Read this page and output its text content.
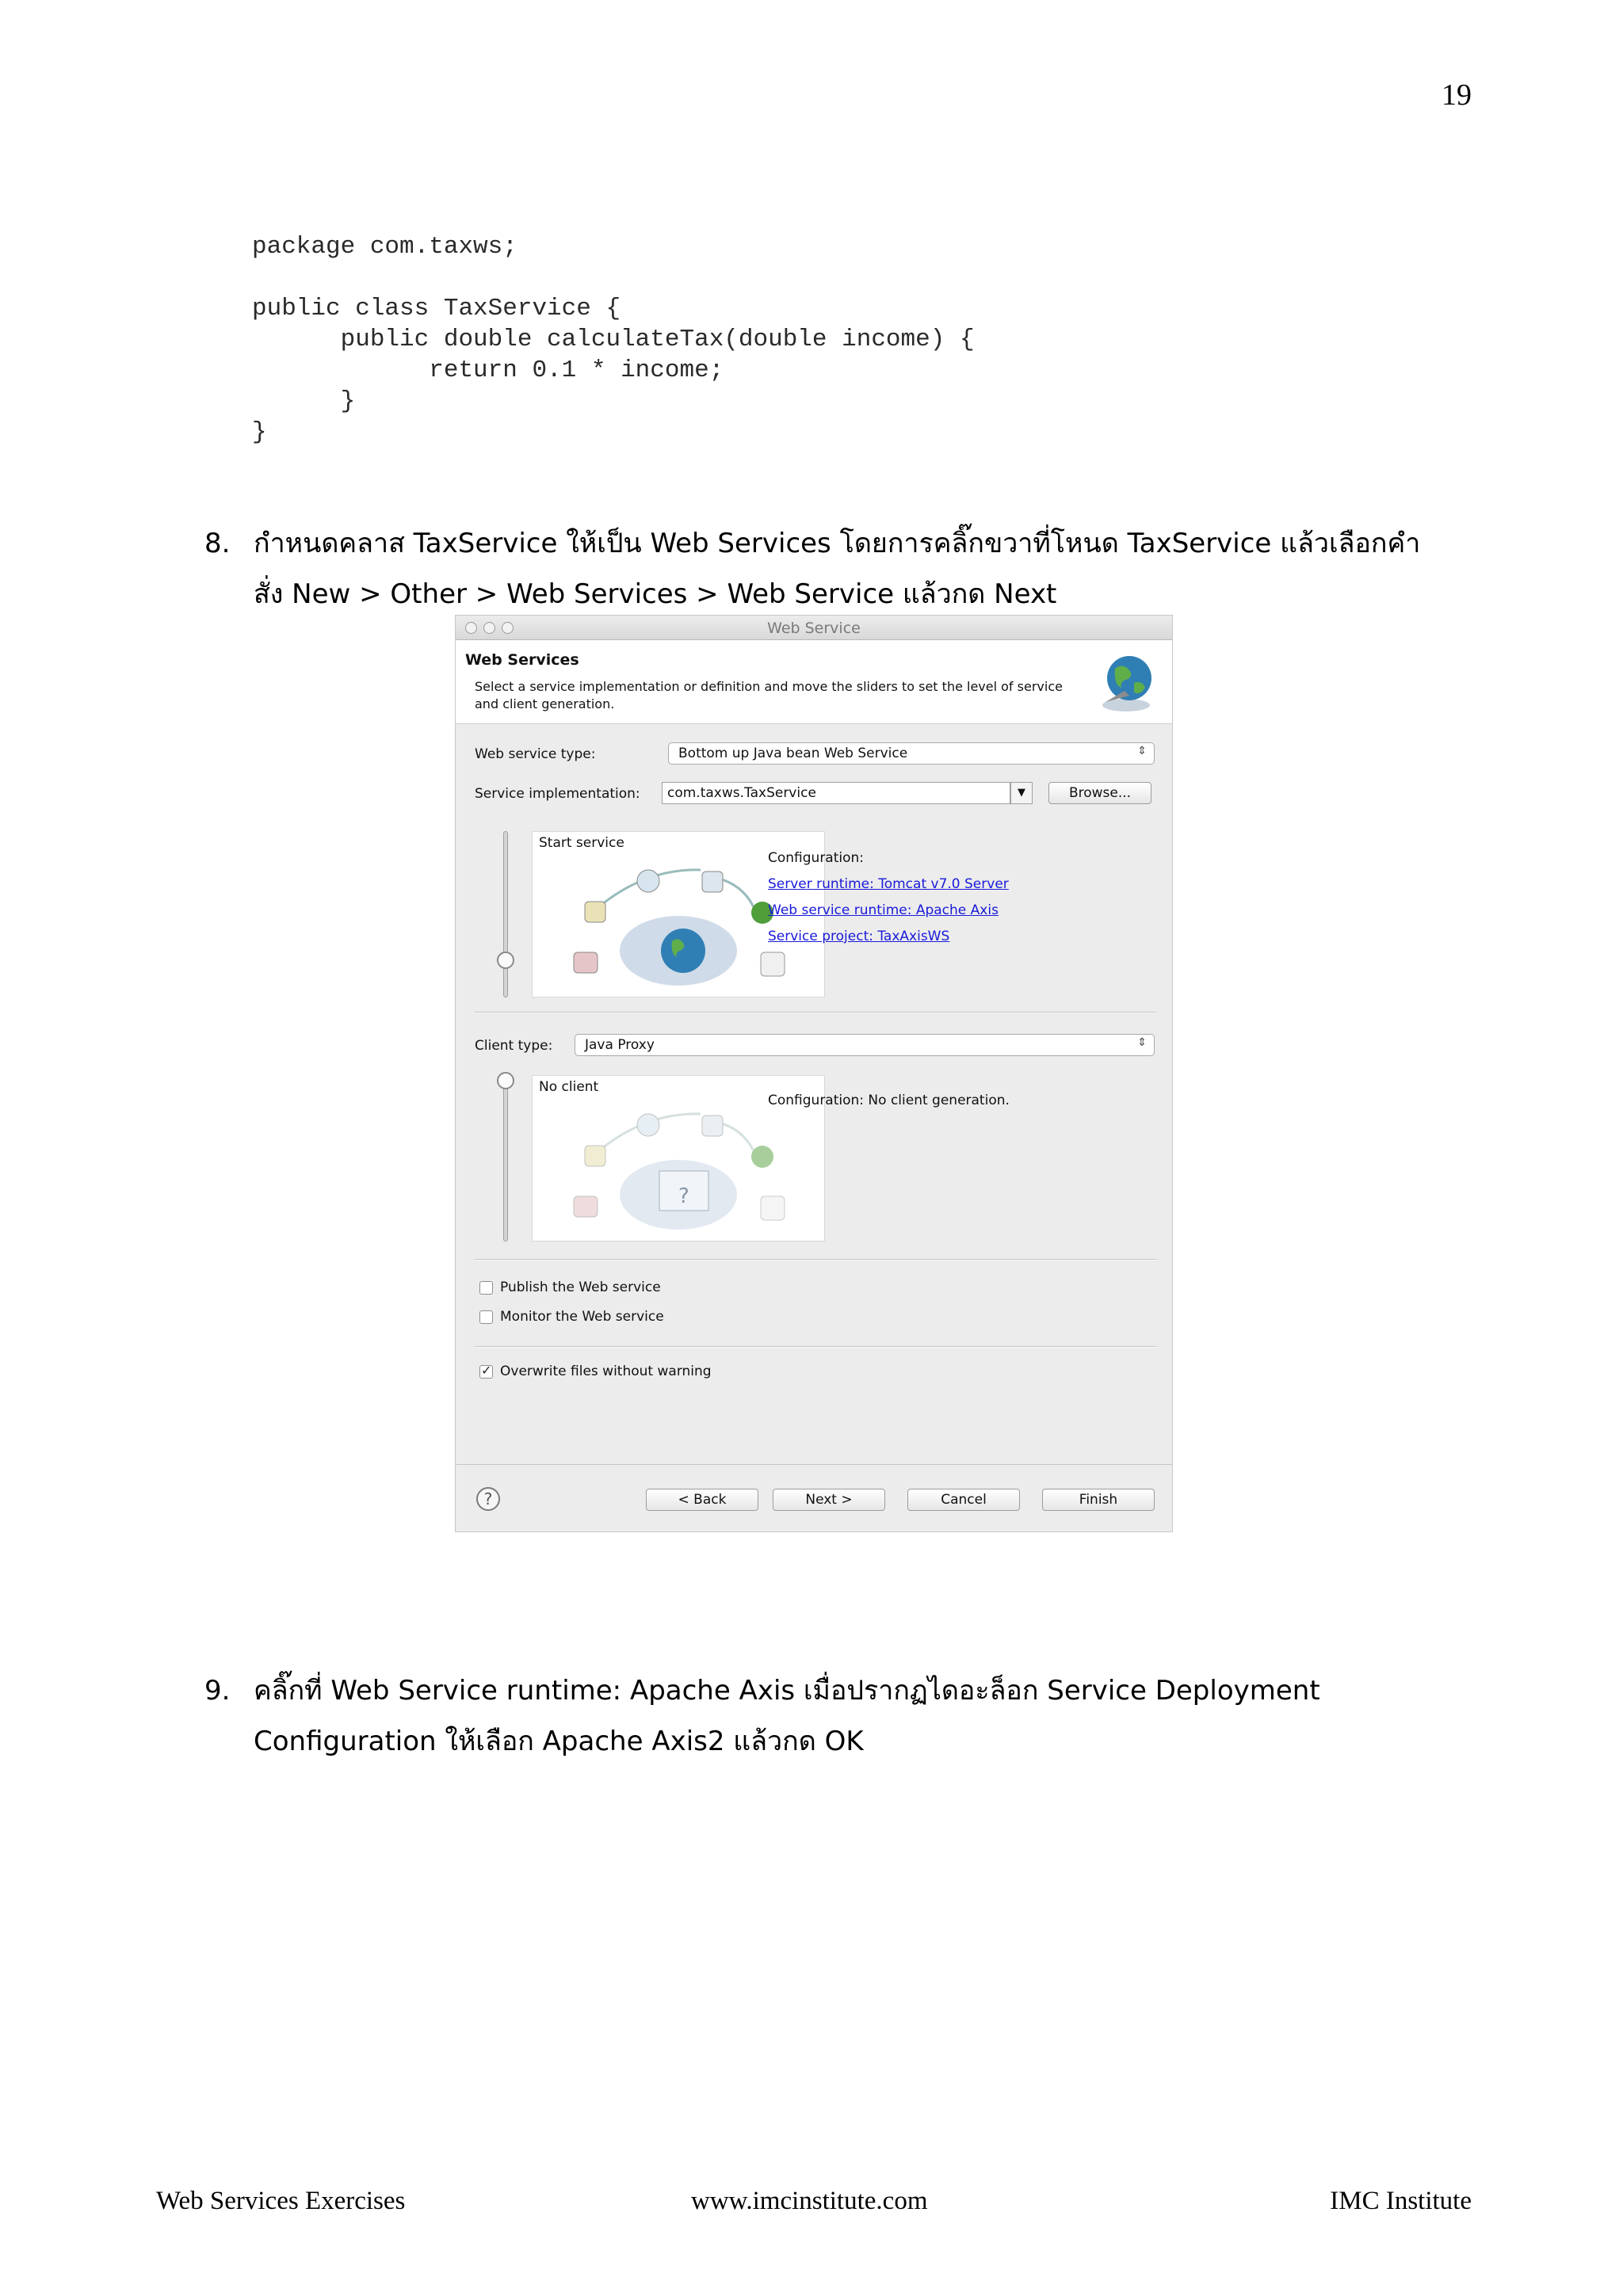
19
package com.taxws;

public class TaxService {
public double calculateTax(double income) {
return 0.1 * income;
}
}
8. กำหนดคลาส TaxService ให้เป็น Web Services โดยการคลิ๊กขวาที่โหนด TaxService แล้วเลือกคำ
สั่ง New > Other > Web Services > Web Service แล้วกด Next
Web Service
Web Services
Select a service implementation or definition and move the sliders to set the level of service and client generation.
Web service type:	Bottom up Java bean Web Service	⇕
Service implementation:	com.taxws.TaxService	▼	Browse...
Start service
Configuration:
Server runtime: Tomcat v7.0 Server
Web service runtime: Apache Axis
Service project: TaxAxisWS
Client type:	Java Proxy	⇕
No client
?
Configuration: No client generation.
Publish the Web service
Monitor the Web service
✓
Overwrite files without warning
?	< Back	Next >	Cancel	Finish
9. คลิ๊กที่ Web Service runtime: Apache Axis เมื่อปรากฏไดอะล็อก Service Deployment
Configuration ให้เลือก Apache Axis2 แล้วกด OK
Web Services Exercises	www.imcinstitute.com	IMC Institute
